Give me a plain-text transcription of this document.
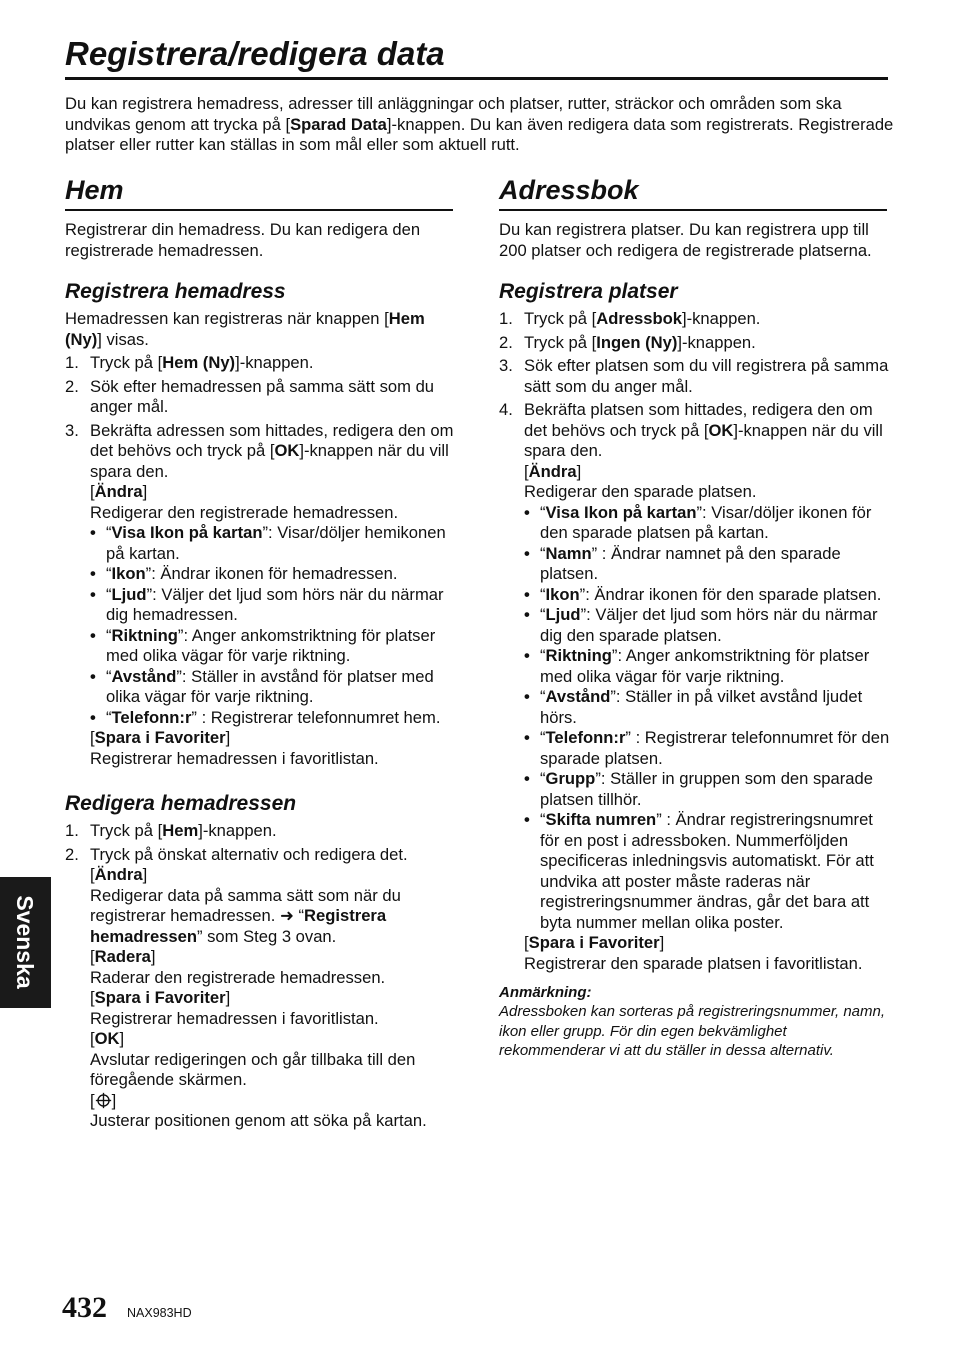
Registrera/redigera data

Du kan registrera hemadress, adresser till anläggningar och platser, rutter, sträckor och områden som ska undvikas genom att trycka på [Sparad Data]-knappen. Du kan även redigera data som registrerats. Registrerade platser eller rutter kan ställas in som mål eller som aktuell rutt.

Hem

Registrerar din hemadress. Du kan redigera den registrerade hemadressen.

Registrera hemadress

Hemadressen kan registreras när knappen [Hem (Ny)] visas.

1. Tryck på [Hem (Ny)]-knappen.
2. Sök efter hemadressen på samma sätt som du anger mål.
3. Bekräfta adressen som hittades, redigera den om det behövs och tryck på [OK]-knappen när du vill spara den.

[Ändra]

Redigerar den registrerade hemadressen.

• “Visa Ikon på kartan”: Visar/döljer hemikonen på kartan.
• “Ikon”: Ändrar ikonen för hemadressen.
• “Ljud”: Väljer det ljud som hörs när du närmar dig hemadressen.
• “Riktning”: Anger ankomstriktning för platser med olika vägar för varje riktning.
• “Avstånd”: Ställer in avstånd för platser med olika vägar för varje riktning.
• “Telefonn:r” : Registrerar telefonnumret hem.

[Spara i Favoriter]

Registrerar hemadressen i favoritlistan.

Redigera hemadressen
1. Tryck på [Hem]-knappen.
2. Tryck på önskat alternativ och redigera det.

[Ändra]

Redigerar data på samma sätt som när du registrerar hemadressen. ➜ “Registrera hemadressen” som Steg 3 ovan.

[Radera]

Raderar den registrerade hemadressen.

[Spara i Favoriter]

Registrerar hemadressen i favoritlistan.

[OK]

Avslutar redigeringen och går tillbaka till den föregående skärmen.

[ ]

Justerar positionen genom att söka på kartan.

Adressbok

Du kan registrera platser. Du kan registrera upp till 200 platser och redigera de registrerade platserna.

Registrera platser
1. Tryck på [Adressbok]-knappen.
2. Tryck på [Ingen (Ny)]-knappen.
3. Sök efter platsen som du vill registrera på samma sätt som du anger mål.
4. Bekräfta platsen som hittades, redigera den om det behövs och tryck på [OK]-knappen när du vill spara den.

[Ändra]

Redigerar den sparade platsen.

• “Visa Ikon på kartan”: Visar/döljer ikonen för den sparade platsen på kartan.
• “Namn” : Ändrar namnet på den sparade platsen.
• “Ikon”: Ändrar ikonen för den sparade platsen.
• “Ljud”: Väljer det ljud som hörs när du närmar dig den sparade platsen.
• “Riktning”: Anger ankomstriktning för platser med olika vägar för varje riktning.
• “Avstånd”: Ställer in på vilket avstånd ljudet hörs.
• “Telefonn:r” : Registrerar telefonnumret för den sparade platsen.
• “Grupp”: Ställer in gruppen som den sparade platsen tillhör.
• “Skifta numren” : Ändrar registreringsnumret för en post i adressboken. Nummerföljden specificeras inledningsvis automatiskt. För att undvika att poster måste raderas när registreringsnummer ändras, går det bara att byta nummer mellan olika poster.

[Spara i Favoriter]

Registrerar den sparade platsen i favoritlistan.

Anmärkning:

Adressboken kan sorteras på registreringsnummer, namn, ikon eller grupp. För din egen bekvämlighet rekommenderar vi att du ställer in dessa alternativ.

Svenska
432 NAX983HD
